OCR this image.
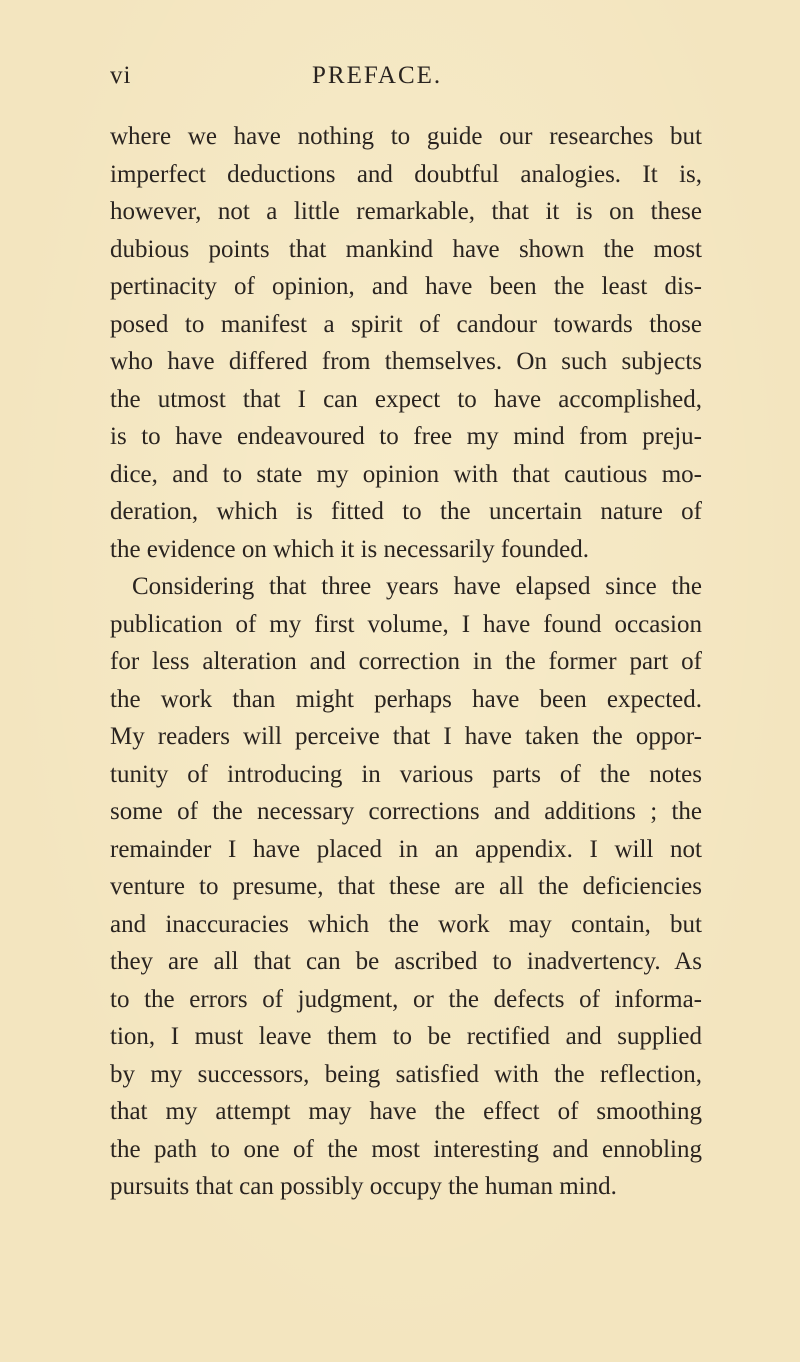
vi	PREFACE.
where we have nothing to guide our researches but
imperfect deductions and doubtful analogies. It is,
however, not a little remarkable, that it is on these
dubious points that mankind have shown the most
pertinacity of opinion, and have been the least dis-
posed to manifest a spirit of candour towards those
who have differed from themselves. On such subjects
the utmost that I can expect to have accomplished,
is to have endeavoured to free my mind from preju-
dice, and to state my opinion with that cautious mo-
deration, which is fitted to the uncertain nature of
the evidence on which it is necessarily founded.
Considering that three years have elapsed since the
publication of my first volume, I have found occasion
for less alteration and correction in the former part of
the work than might perhaps have been expected.
My readers will perceive that I have taken the oppor-
tunity of introducing in various parts of the notes
some of the necessary corrections and additions ; the
remainder I have placed in an appendix. I will not
venture to presume, that these are all the deficiencies
and inaccuracies which the work may contain, but
they are all that can be ascribed to inadvertency. As
to the errors of judgment, or the defects of informa-
tion, I must leave them to be rectified and supplied
by my successors, being satisfied with the reflection,
that my attempt may have the effect of smoothing
the path to one of the most interesting and ennobling
pursuits that can possibly occupy the human mind.
